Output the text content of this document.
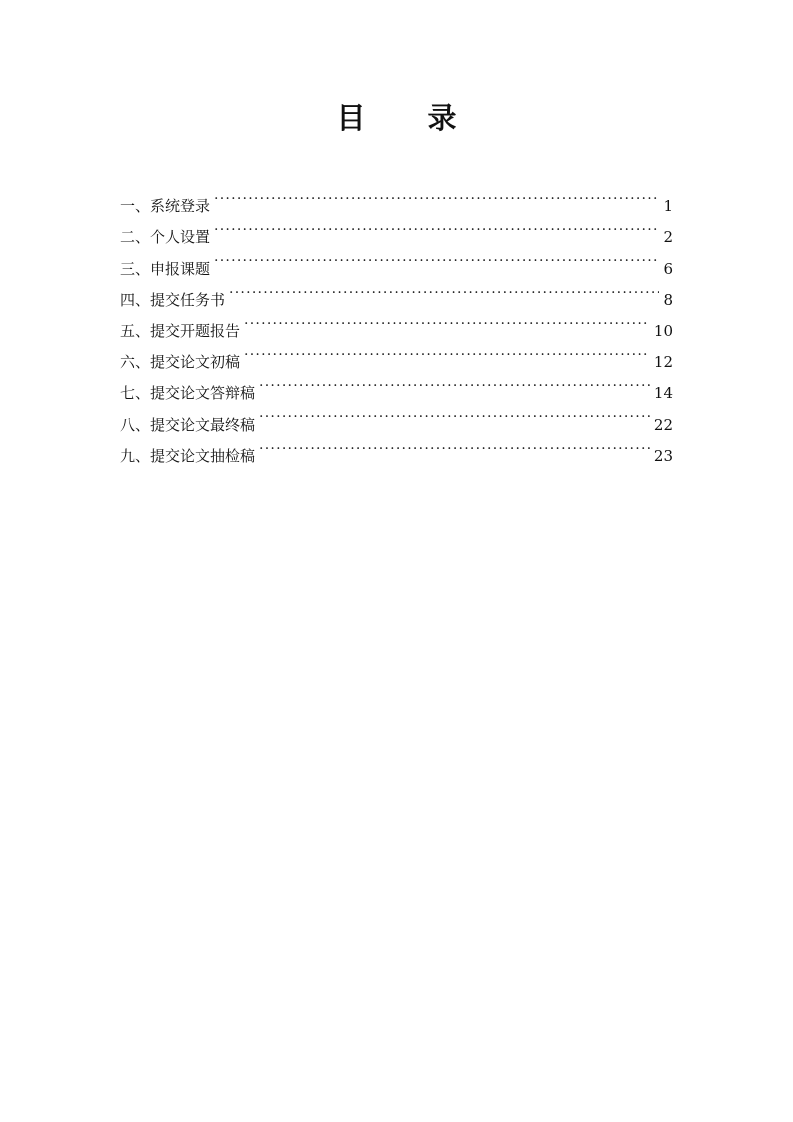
目 录
一、系统登录 . . .	1
二、个人设置 . . .	2
三、申报课题 . . .	6
四、提交任务书 . . .	8
五、提交开题报告 . . .	10
六、提交论文初稿 . . .	12
七、提交论文答辩稿 . . .	14
八、提交论文最终稿 . . .	22
九、提交论文抽检稿 . . .	23
